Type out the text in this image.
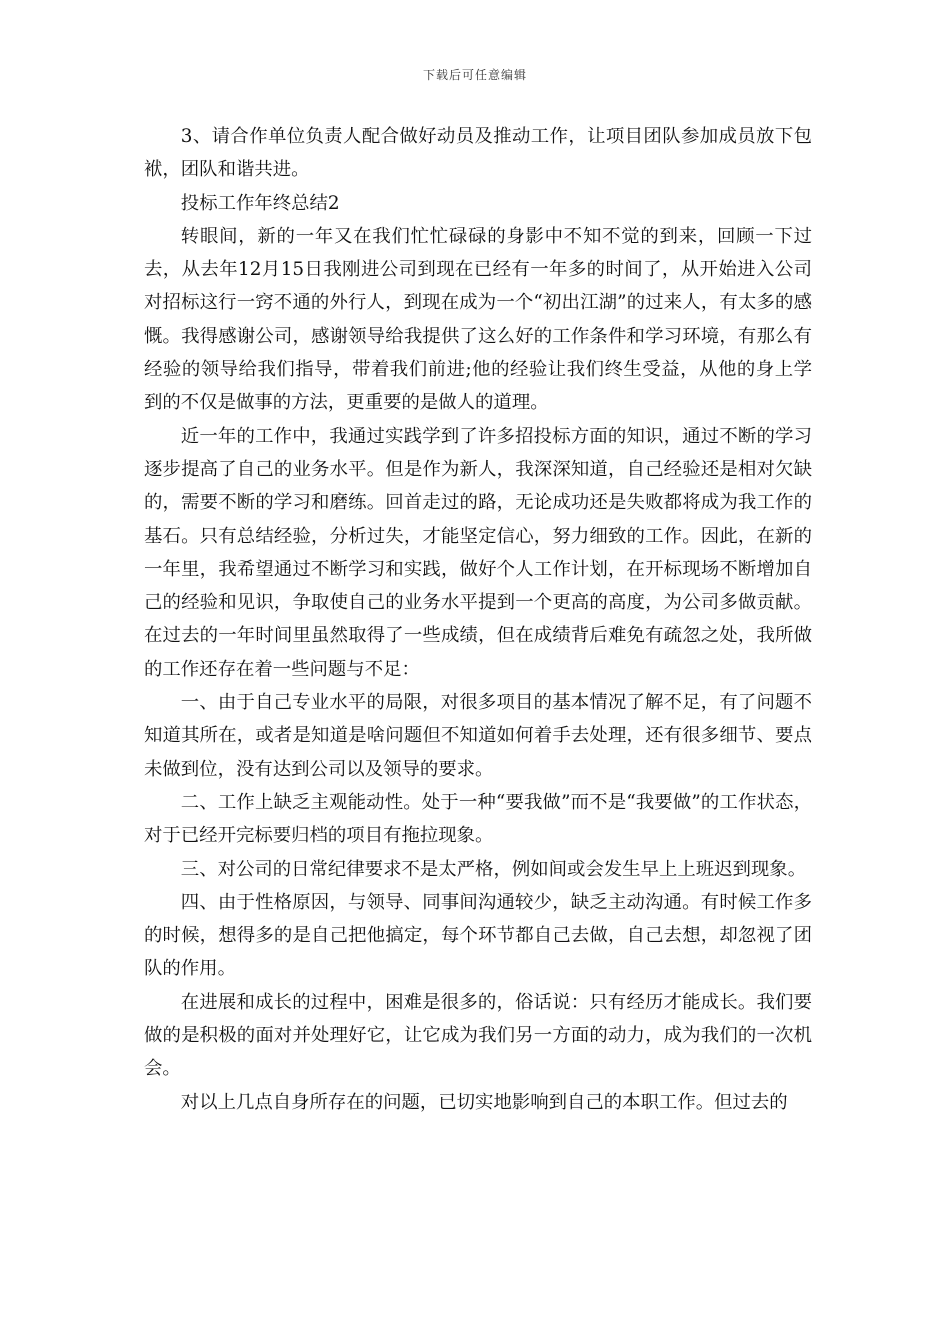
下载后可任意编辑

3、请合作单位负责人配合做好动员及推动工作，让项目团队参加成员放下包袱，团队和谐共进。

投标工作年终总结2

转眼间，新的一年又在我们忙忙碌碌的身影中不知不觉的到来，回顾一下过去，从去年12月15日我刚进公司到现在已经有一年多的时间了，从开始进入公司对招标这行一窍不通的外行人，到现在成为一个“初出江湖”的过来人，有太多的感慨。我得感谢公司，感谢领导给我提供了这么好的工作条件和学习环境，有那么有经验的领导给我们指导，带着我们前进;他的经验让我们终生受益，从他的身上学到的不仅是做事的方法，更重要的是做人的道理。

近一年的工作中，我通过实践学到了许多招投标方面的知识，通过不断的学习逐步提高了自己的业务水平。但是作为新人，我深深知道，自己经验还是相对欠缺的，需要不断的学习和磨练。回首走过的路，无论成功还是失败都将成为我工作的基石。只有总结经验，分析过失，才能坚定信心，努力细致的工作。因此，在新的一年里，我希望通过不断学习和实践，做好个人工作计划，在开标现场不断增加自己的经验和见识，争取使自己的业务水平提到一个更高的高度，为公司多做贡献。 在过去的一年时间里虽然取得了一些成绩，但在成绩背后难免有疏忽之处，我所做的工作还存在着一些问题与不足：

一、由于自己专业水平的局限，对很多项目的基本情况了解不足，有了问题不知道其所在，或者是知道是啥问题但不知道如何着手去处理，还有很多细节、要点未做到位，没有达到公司以及领导的要求。

二、工作上缺乏主观能动性。处于一种“要我做”而不是“我要做”的工作状态，对于已经开完标要归档的项目有拖拉现象。

三、对公司的日常纪律要求不是太严格，例如间或会发生早上上班迟到现象。

四、由于性格原因，与领导、同事间沟通较少，缺乏主动沟通。有时候工作多的时候，想得多的是自己把他搞定，每个环节都自己去做，自己去想，却忽视了团队的作用。

在进展和成长的过程中，困难是很多的，俗话说：只有经历才能成长。我们要做的是积极的面对并处理好它，让它成为我们另一方面的动力，成为我们的一次机会。

对以上几点自身所存在的问题，已切实地影响到自己的本职工作。但过去的
